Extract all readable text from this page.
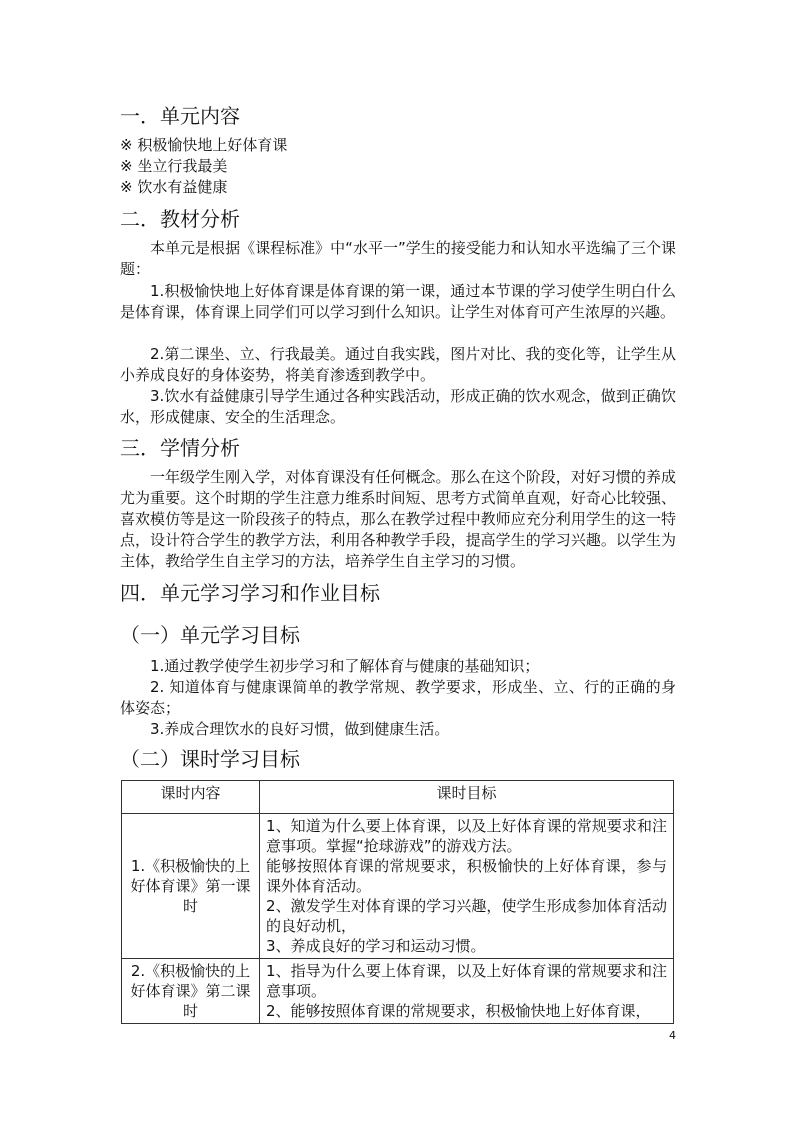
一．单元内容
※ 积极愉快地上好体育课
※ 坐立行我最美
※ 饮水有益健康
二．教材分析

本单元是根据《课程标准》中“水平一”学生的接受能力和认知水平选编了三个课题：

1.积极愉快地上好体育课是体育课的第一课，通过本节课的学习使学生明白什么是体育课，体育课上同学们可以学习到什么知识。让学生对体育可产生浓厚的兴趣。

2.第二课坐、立、行我最美。通过自我实践，图片对比、我的变化等，让学生从小养成良好的身体姿势，将美育渗透到教学中。

3.饮水有益健康引导学生通过各种实践活动，形成正确的饮水观念，做到正确饮水，形成健康、安全的生活理念。

三．学情分析

一年级学生刚入学，对体育课没有任何概念。那么在这个阶段，对好习惯的养成尤为重要。这个时期的学生注意力维系时间短、思考方式简单直观，好奇心比较强、喜欢模仿等是这一阶段孩子的特点，那么在教学过程中教师应充分利用学生的这一特点，设计符合学生的教学方法，利用各种教学手段，提高学生的学习兴趣。以学生为主体，教给学生自主学习的方法，培养学生自主学习的习惯。

四．单元学习学习和作业目标
（一）单元学习目标

1.通过教学使学生初步学习和了解体育与健康的基础知识；

2. 知道体育与健康课简单的教学常规、教学要求，形成坐、立、行的正确的身体姿态；

3.养成合理饮水的良好习惯，做到健康生活。

（二）课时学习目标
课时内容	课时目标
1.《积极愉快的上好体育课》第一课时	1、知道为什么要上体育课，以及上好体育课的常规要求和注意事项。掌握“抢球游戏”的游戏方法。
能够按照体育课的常规要求，积极愉快的上好体育课，参与课外体育活动。
2、激发学生对体育课的学习兴趣，使学生形成参加体育活动的良好动机，
3、养成良好的学习和运动习惯。

2.《积极愉快的上好体育课》第二课时	1、指导为什么要上体育课，以及上好体育课的常规要求和注意事项。
2、能够按照体育课的常规要求，积极愉快地上好体育课，
4
